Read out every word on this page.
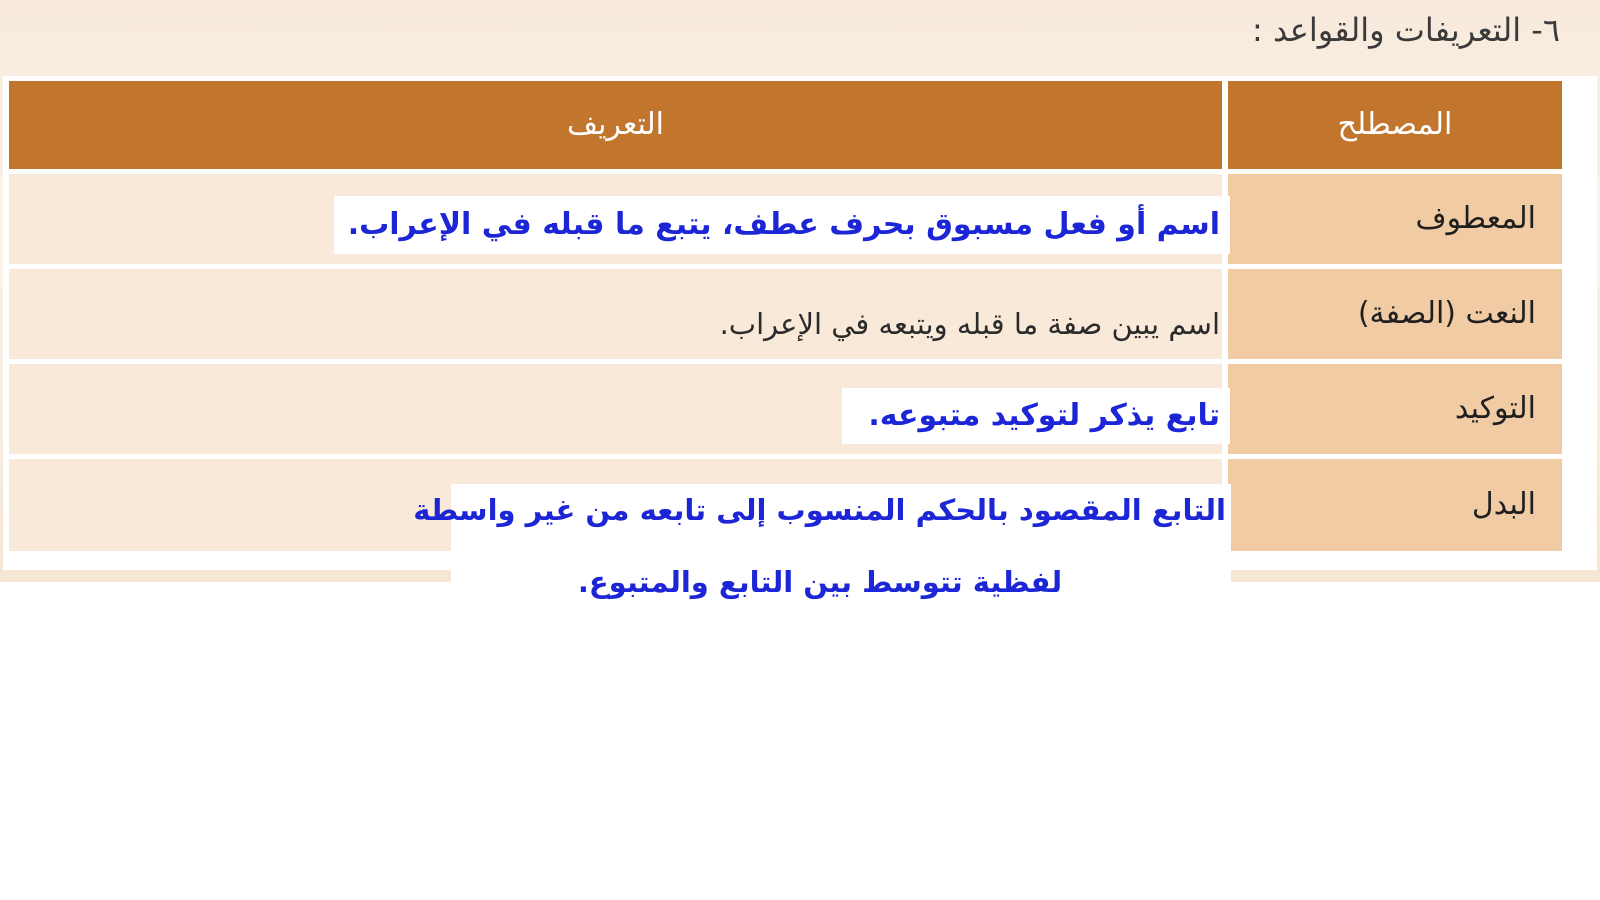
٦- التعريفات والقواعد :
المصطلح
التعريف
المعطوف
النعت (الصفة)
التوكيد
البدل
اسم أو فعل مسبوق بحرف عطف، يتبع ما قبله في الإعراب.
اسم يبين صفة ما قبله ويتبعه في الإعراب.
تابع يذكر لتوكيد متبوعه.
التابع المقصود بالحكم المنسوب إلى تابعه من غير واسطة
لفظية تتوسط بين التابع والمتبوع.
